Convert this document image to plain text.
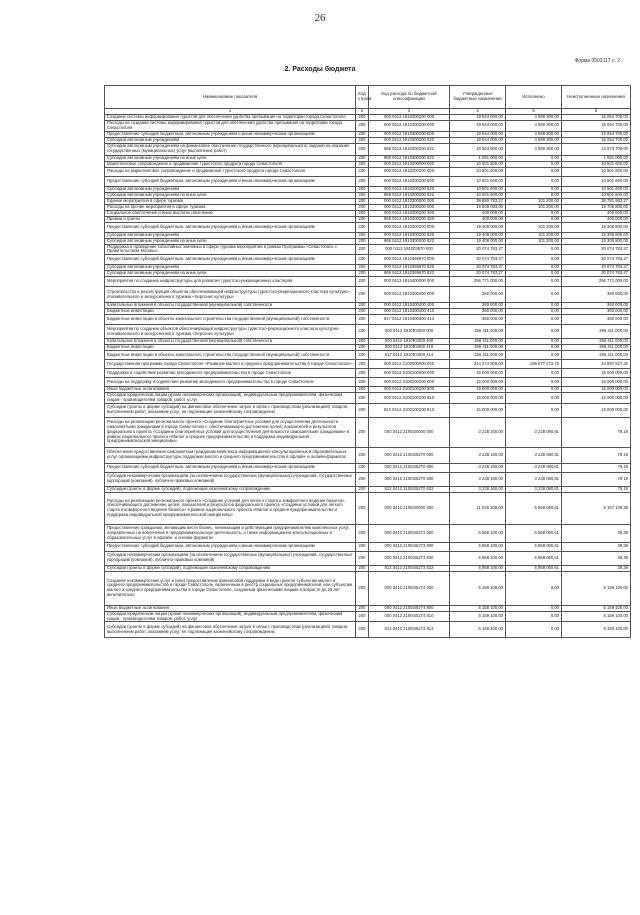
26
Форма 0503117 с. 2
2. Расходы бюджета
Наименование показателя	Код строки	Код расхода по бюджетной классификации	Утвержденные бюджетные назначения	Исполнено	Неисполненные назначения
1	2	3	4	5	6
Создание системы информирования туристов для обеспечения удобства пребывания на территории города Севастополя	200	000 0412 1910300200 000	19 644 000,00	4 589 300,00	15 054 700,00
Расходы на создание системы информирования туристов для обеспечения удобства пребывания на территории города Севастополя	200	000 0412 1910300200 000	19 644 000,00	4 589 300,00	15 054 700,00
Предоставление субсидий бюджетным, автономным учреждениям и иным некоммерческим организациям	200	000 0412 1910300200 600	19 644 000,00	4 589 300,00	15 054 700,00
Субсидии автономным учреждениям	200	000 0412 1910300200 620	19 644 000,00	4 589 300,00	15 054 700,00
Субсидии автономным учреждениям на финансовое обеспечение государственного (муниципального) задания на оказание государственных (муниципальных) услуг (выполнение работ)	200	868 0412 1910300200 621	18 563 000,00	4 589 300,00	13 973 700,00
Субсидии автономным учреждениям на иные цели	200	868 0412 1910300200 622	1 081 000,00	0,00	1 081 000,00
Маркетинговое сопровождение и продвижение туристского продукта города Севастополя	200	000 0412 1910200000 000	10 501 600,00	0,00	10 501 600,00
Расходы на маркетинговое сопровождение и продвижение туристского продукта города Севастополя	200	000 0412 1910200200 000	10 501 600,00	0,00	10 501 600,00
Предоставление субсидий бюджетным, автономным учреждениям и иным некоммерческим организациям	200	000 0412 1910200200 600	10 501 600,00	0,00	10 501 600,00
Субсидии автономным учреждениям	200	000 0412 1910200200 620	10 501 600,00	0,00	10 501 600,00
Субсидии автономным учреждениям на иные цели	200	868 0412 1910200200 622	10 501 600,00	0,00	10 501 600,00
Единые мероприятия в сфере туризма	200	000 0412 1910300000 000	38 880 783,27	101 200,00	38 781 583,27
Расходы на прочие мероприятия в сфере туризма	200	000 0412 1910300200 000	19 809 083,00	101 200,00	19 706 800,00
Социальное обеспечение и иные выплаты населению	200	000 0412 1910300200 300	400 000,00	0,00	400 000,00
Премии и гранты	200	868 0412 1910300200 350	400 000,00	0,00	400 000,00
Предоставление субсидий бюджетным, автономным учреждениям и иным некоммерческим организациям	200	000 0412 1910300200 600	19 409 000,00	101 200,00	19 306 800,00
Субсидии автономным учреждениям	200	000 0412 1910300200 620	19 408 000,00	101 200,00	19 306 800,00
Субсидии автономным учреждениям на иные цели	200	868 0412 1910300200 622	19 408 000,00	101 200,00	19 306 800,00
Поддержка и проведение событийных значимых в сфере туризма мероприятий в рамках Программы «Севастополь с Правительством Москвы»	200	000 0412 191003670 000	20 074 783,27	0,00	20 074 783,27
Предоставление субсидий бюджетным, автономным учреждениям и иным некоммерческим организациям	200	000 0412 1910369670 600	20 074 783,27	0,00	20 074 783,27
Субсидии автономным учреждениям	200	000 0412 1910369670 620	20 074 783,27	0,00	20 074 783,27
Субсидии автономным учреждениям на иные цели	200	868 0412 1910369670 622	20 074 783,27	0,00	20 074 783,27
Мероприятия по созданию инфраструктуры для развития туристско-рекреационных кластеров	200	000 0412 1910400000 000	256 771 000,00	0,00	256 771 000,00
Строительство и реконструкция объектов обеспечивающей инфраструктуры туристско-рекреационного кластера культурно-познавательного и экскурсионного туризма «Херсонес культуры»	200	000 0412 1910400400 000	360 000,00	0,00	360 000,00
Капитальные вложения в объекты государственной (муниципальной) собственности	200	000 0412 1910400400 400	360 000,00	0,00	360 000,00
Бюджетные инвестиции	200	000 0412 1910400400 410	360 000,00	0,00	360 000,00
Бюджетные инвестиции в объекты капитального строительства государственной (муниципальной) собственности	200	817 0412 1910400400 414	360 000,00	0,00	360 000,00
Мероприятия по созданию объектов обеспечивающей инфраструктуры туристско-рекреационного кластера культурно-познавательного и экскурсионного туризма «Херсонес культуры»	200	000 0412 1910R1800 000	256 411 000,00	0,00	256 411 000,00
Капитальные вложения в объекты государственной (муниципальной) собственности	200	000 0412 1910R1800 400	256 411 000,00	0,00	256 411 000,00
Бюджетные инвестиции	200	000 0412 1910R1800 410	256 411 000,00	0,00	256 411 000,00
Бюджетные инвестиции в объекты капитального строительства государственной (муниципальной) собственности	200	817 0412 1910R1800 414	256 411 000,00	0,00	256 411 000,00
Государственная программа города Севастополя «Развитие малого и среднего предпринимательства в городе Севастополе»	200	000 0412 2100000000 000	314 474 800,00	189 577 272,75	44 897 527,25
Поддержка и содействие развитию молодежного предпринимательства в городе Севастополе	200	000 0412 2100100000 000	15 000 000,00	0,00	15 000 000,00
Расходы на поддержку и содействие развитию молодежного предпринимательства в городе Севастополе	200	000 0412 2100100200 000	15 000 000,00	0,00	15 000 000,00
Иные бюджетные ассигнования	200	000 0412 2100100200 800	15 000 000,00	0,00	15 000 000,00
Субсидии юридическим лицам (кроме некоммерческих организаций), индивидуальным предпринимателям, физическим лицам - производителям товаров, работ, услуг	200	000 0412 2100100200 810	15 000 000,00	0,00	15 000 000,00
Субсидии (гранты в форме субсидий) на финансовое обеспечение затрат в связи с производством (реализацией) товаров, выполнением работ, оказанием услуг, не подлежащие казначейскому сопровождению	200	812 0412 2100100200 813	15 000 000,00	0,00	15 000 000,00
Расходы на реализацию регионального проекта «Создание благоприятных условий для осуществления деятельности самозанятыми гражданами в городе Севастополе», обеспечивающего достижение целей, показателей и результатов федерального проекта «Создание благоприятных условий для осуществления деятельности самозанятыми гражданами» в рамках национального проекта «Малое и среднее предпринимательство и поддержка индивидуальной предпринимательской инициативы»	200	000 0412 2100I20000 000	3 238 160,00	3 238 080,81	79,19
Обеспечение предоставления самозанятым гражданам комплекса информационно-консультационных и образовательных услуг организациями инфраструктуры поддержки малого и среднего предпринимательства в офлайн- и онлайн-форматах	200	000 0412 2100I25270 000	3 238 160,00	3 238 080,81	79,19
Предоставление субсидий бюджетным, автономным учреждениям и иным некоммерческим организациям	200	000 0412 2100I25270 600	3 238 160,00	3 238 080,81	79,19
Субсидии некоммерческим организациям (за исключением государственных (муниципальных) учреждений, государственных корпораций (компаний), публично-правовых компаний)	200	000 0412 2100I25270 630	3 238 160,00	3 238 080,81	79,19
Субсидии (гранты в форме субсидий), подлежащие казначейскому сопровождению	200	812 0412 2100I25270 632	3 238 160,00	3 238 080,81	79,19
Расходы на реализацию регионального проекта «Создание условий для легкого старта и комфортного ведения бизнеса», обеспечивающего достижение целей, показателей и результатов федерального проекта «Создание условий для легкого старта и комфортного ведения бизнеса» в рамках национального проекта «Малое и среднее предпринимательство и поддержка индивидуальной предпринимательской инициативы»	200	000 0412 2100I40000 000	11 025 200,00	5 868 060,61	5 157 139,39
Предоставление гражданам, желающим вести бизнес, начинающим и действующим предпринимателям комплексных услуг, направленных на вовлечение в предпринимательскую деятельность, а также информационно-консультационных и образовательных услуг в офлайн- и онлайн-форматах	200	000 0412 2100I45273 000	5 868 100,00	5 868 060,61	39,39
Предоставление субсидий бюджетным, автономным учреждениям и иным некоммерческим организациям	200	000 0412 2100I45273 600	5 868 100,00	5 868 060,61	39,39
Субсидии некоммерческим организациям (за исключением государственных (муниципальных) учреждений, государственных корпораций (компаний), публично-правовых компаний)	200	000 0412 2100I45273 630	5 868 100,00	5 868 060,61	39,39
Субсидии (гранты в форме субсидий), подлежащие казначейскому сопровождению	200	812 0412 2100I45273 632	5 868 100,00	5 868 060,61	39,39
Создание некоммерческих услуг и (или) предоставление финансовой поддержки в виде грантов субъектам малого и среднего предпринимательства в городе Севастополе, включенным в реестр социальных предпринимателей, или субъектам малого и среднего предпринимательства в городе Севастополе, созданным физическими лицами в возрасте до 25 лет включительно	200	000 0412 2100I45274 000	5 159 100,00	0,00	5 159 100,00
Иные бюджетные ассигнования	200	000 0412 2100I45274 800	5 159 100,00	0,00	5 159 100,00
Субсидии юридическим лицам (кроме некоммерческих организаций), индивидуальным предпринимателям, физическим лицам - производителям товаров, работ, услуг	200	000 0412 2100I45274 810	5 159 100,00	0,00	5 159 100,00
Субсидии (гранты в форме субсидий) на финансовое обеспечение затрат в связи с производством (реализацией) товаров, выполнением работ, оказанием услуг, не подлежащие казначейскому сопровождению	200	812 0412 2100I45274 813	5 159 100,00	0,00	5 159 100,00
